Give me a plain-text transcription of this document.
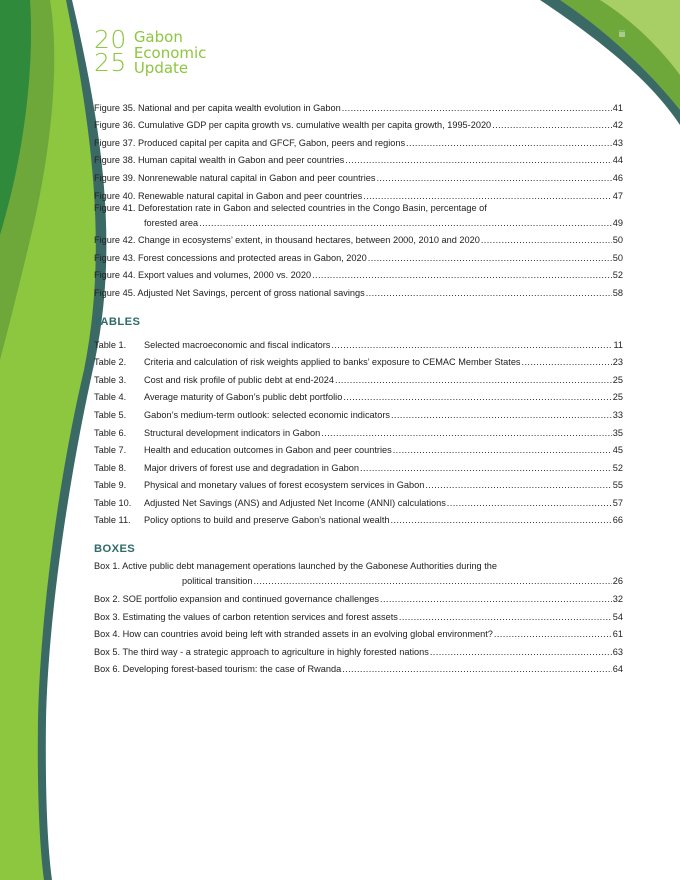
20
25
Gabon
Economic
Update
iii
Figure 35. National and per capita wealth evolution in Gabon .....	41
Figure 36. Cumulative GDP per capita growth vs. cumulative wealth per capita growth, 1995-2020 .....	42
Figure 37. Produced capital per capita and GFCF, Gabon, peers and regions .....	43
Figure 38. Human capital wealth in Gabon and peer countries .....	44
Figure 39. Nonrenewable natural capital in Gabon and peer countries .....	46
Figure 40. Renewable natural capital in Gabon and peer countries .....	47
Figure 41. Deforestation rate in Gabon and selected countries in the Congo Basin, percentage of
forested area .....	49
Figure 42. Change in ecosystems’ extent, in thousand hectares, between 2000, 2010 and 2020 .....	50
Figure 43. Forest concessions and protected areas in Gabon, 2020 .....	50
Figure 44. Export values and volumes, 2000 vs. 2020 .....	52
Figure 45. Adjusted Net Savings, percent of gross national savings .....	58
TABLES
Table 1.	Selected macroeconomic and fiscal indicators .....	11
Table 2.	Criteria and calculation of risk weights applied to banks’ exposure to CEMAC Member States .....	23
Table 3.	Cost and risk profile of public debt at end-2024 .....	25
Table 4.	Average maturity of Gabon’s public debt portfolio .....	25
Table 5.	Gabon’s medium-term outlook: selected economic indicators .....	33
Table 6.	Structural development indicators in Gabon .....	35
Table 7.	Health and education outcomes in Gabon and peer countries .....	45
Table 8.	Major drivers of forest use and degradation in Gabon .....	52
Table 9.	Physical and monetary values of forest ecosystem services in Gabon .....	55
Table 10.	Adjusted Net Savings (ANS) and Adjusted Net Income (ANNI) calculations .....	57
Table 11.	Policy options to build and preserve Gabon’s national wealth .....	66
BOXES
Box 1. Active public debt management operations launched by the Gabonese Authorities during the
political transition .....	26
Box 2. SOE portfolio expansion and continued governance challenges .....	32
Box 3. Estimating the values of carbon retention services and forest assets .....	54
Box 4. How can countries avoid being left with stranded assets in an evolving global environment? .....	61
Box 5. The third way - a strategic approach to agriculture in highly forested nations .....	63
Box 6. Developing forest-based tourism: the case of Rwanda .....	64
